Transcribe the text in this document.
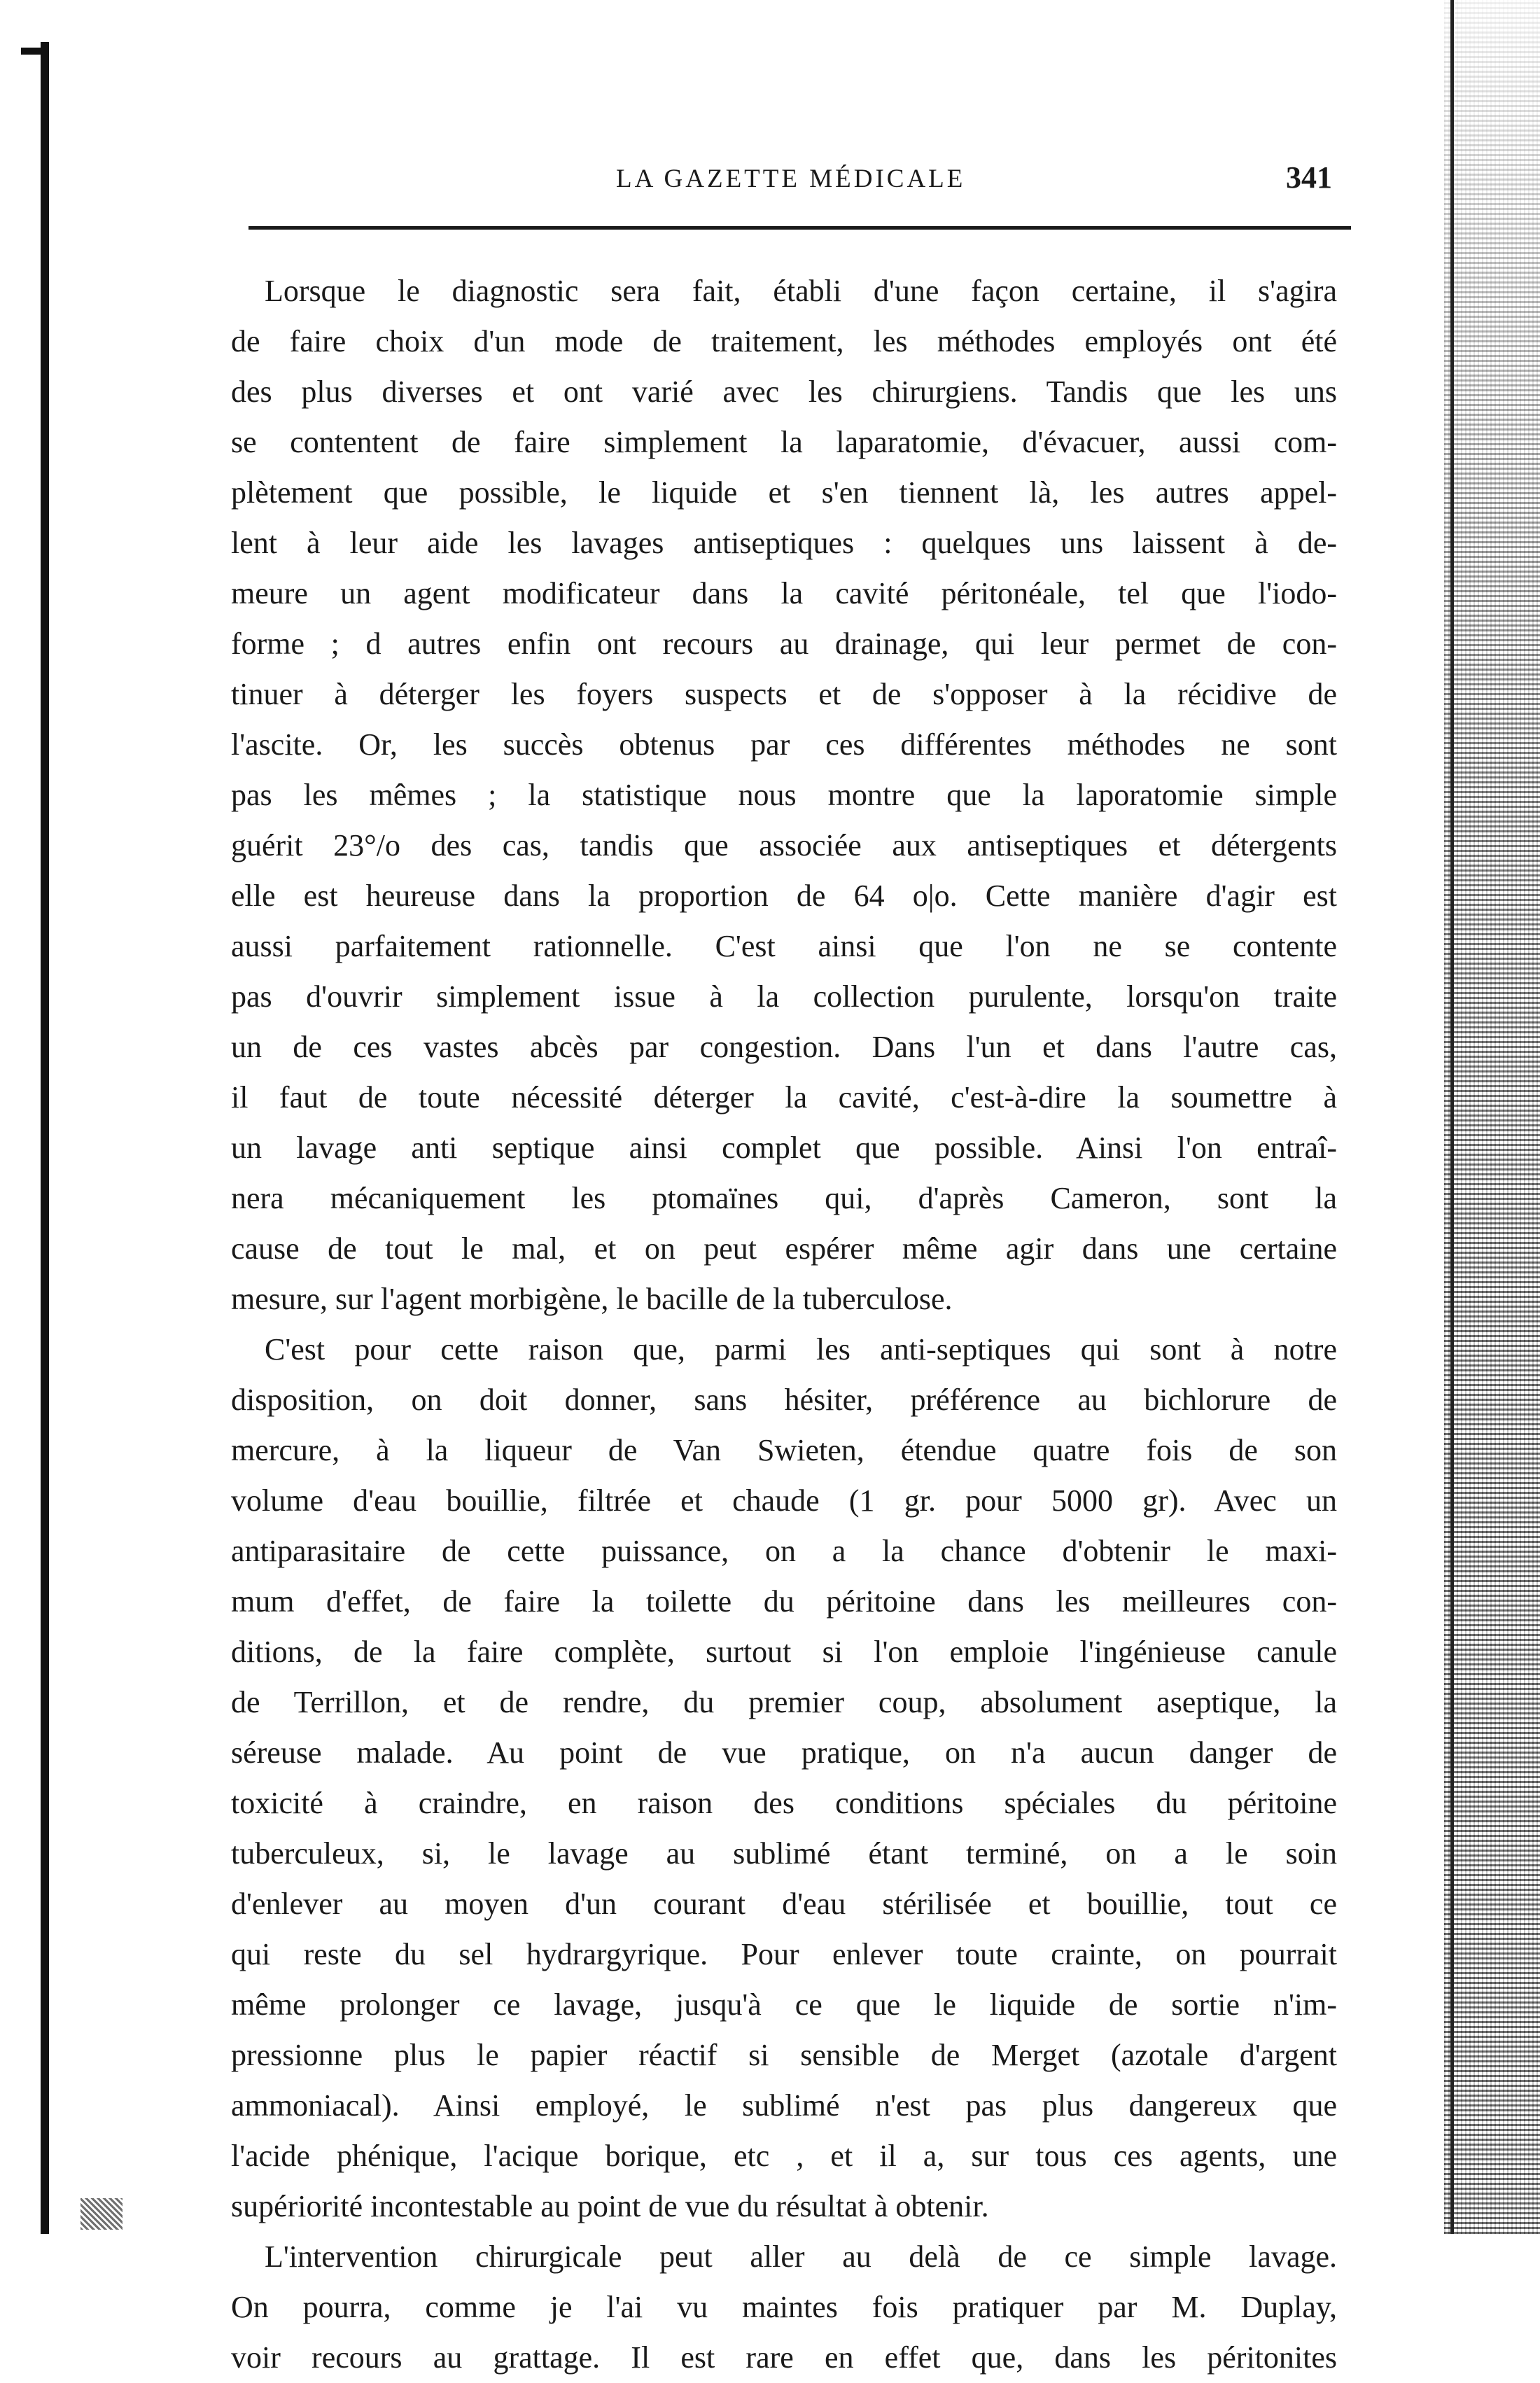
LA GAZETTE MÉDICALE	341
Lorsque le diagnostic sera fait, établi d'une façon certaine, il s'agira
de faire choix d'un mode de traitement, les méthodes employés ont été
des plus diverses et ont varié avec les chirurgiens. Tandis que les uns
se contentent de faire simplement la laparatomie, d'évacuer, aussi com-
plètement que possible, le liquide et s'en tiennent là, les autres appel-
lent à leur aide les lavages antiseptiques : quelques uns laissent à de-
meure un agent modificateur dans la cavité péritonéale, tel que l'iodo-
forme ; d autres enfin ont recours au drainage, qui leur permet de con-
tinuer à déterger les foyers suspects et de s'opposer à la récidive de
l'ascite. Or, les succès obtenus par ces différentes méthodes ne sont
pas les mêmes ; la statistique nous montre que la laporatomie simple
guérit 23°/o des cas, tandis que associée aux antiseptiques et détergents
elle est heureuse dans la proportion de 64 o|o. Cette manière d'agir est
aussi parfaitement rationnelle. C'est ainsi que l'on ne se contente
pas d'ouvrir simplement issue à la collection purulente, lorsqu'on traite
un de ces vastes abcès par congestion. Dans l'un et dans l'autre cas,
il faut de toute nécessité déterger la cavité, c'est-à-dire la soumettre à
un lavage anti septique ainsi complet que possible. Ainsi l'on entraî-
nera mécaniquement les ptomaïnes qui, d'après Cameron, sont la
cause de tout le mal, et on peut espérer même agir dans une certaine
mesure, sur l'agent morbigène, le bacille de la tuberculose.
C'est pour cette raison que, parmi les anti-septiques qui sont à notre
disposition, on doit donner, sans hésiter, préférence au bichlorure de
mercure, à la liqueur de Van Swieten, étendue quatre fois de son
volume d'eau bouillie, filtrée et chaude (1 gr. pour 5000 gr). Avec un
antiparasitaire de cette puissance, on a la chance d'obtenir le maxi-
mum d'effet, de faire la toilette du péritoine dans les meilleures con-
ditions, de la faire complète, surtout si l'on emploie l'ingénieuse canule
de Terrillon, et de rendre, du premier coup, absolument aseptique, la
séreuse malade. Au point de vue pratique, on n'a aucun danger de
toxicité à craindre, en raison des conditions spéciales du péritoine
tuberculeux, si, le lavage au sublimé étant terminé, on a le soin
d'enlever au moyen d'un courant d'eau stérilisée et bouillie, tout ce
qui reste du sel hydrargyrique. Pour enlever toute crainte, on pourrait
même prolonger ce lavage, jusqu'à ce que le liquide de sortie n'im-
pressionne plus le papier réactif si sensible de Merget (azotale d'argent
ammoniacal). Ainsi employé, le sublimé n'est pas plus dangereux que
l'acide phénique, l'acique borique, etc , et il a, sur tous ces agents, une
supériorité incontestable au point de vue du résultat à obtenir.
L'intervention chirurgicale peut aller au delà de ce simple lavage.
On pourra, comme je l'ai vu maintes fois pratiquer par M. Duplay,
voir recours au grattage. Il est rare en effet que, dans les péritonites
